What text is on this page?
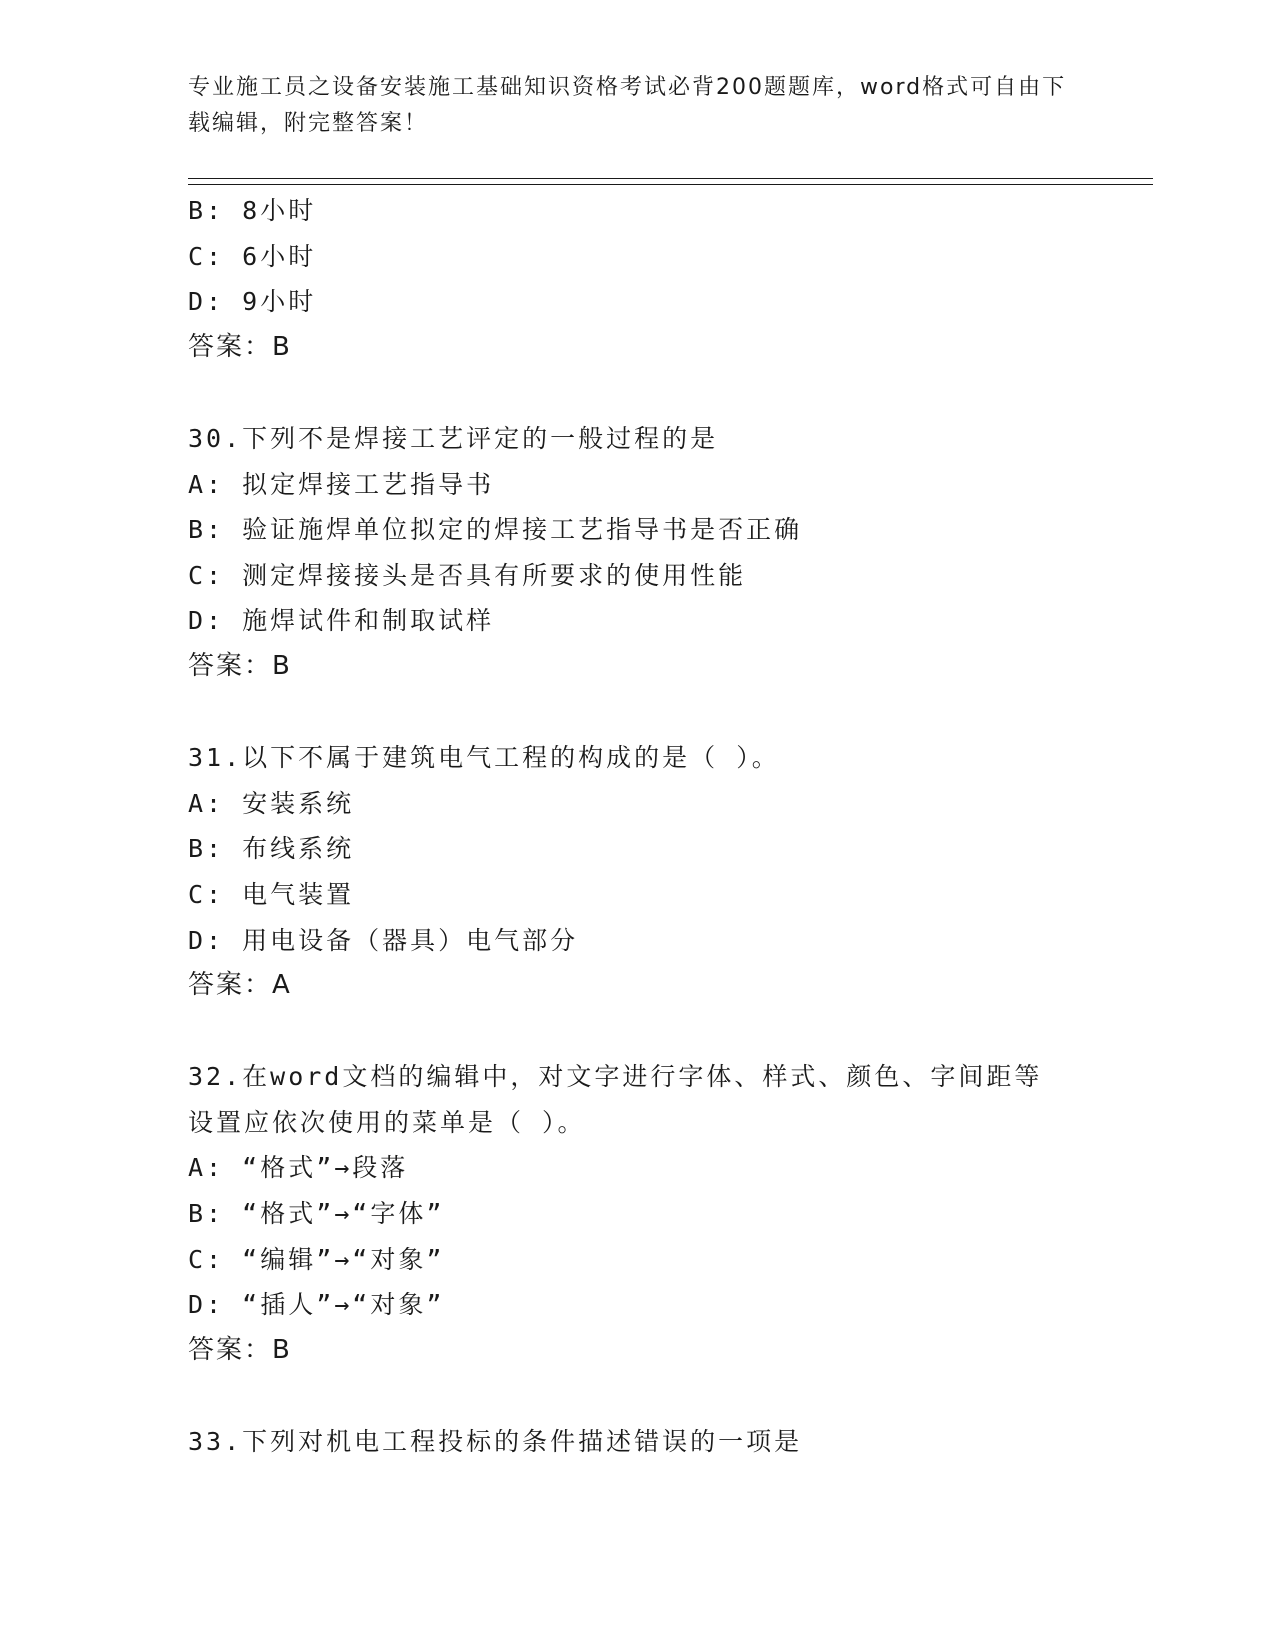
专业施工员之设备安装施工基础知识资格考试必背200题题库，word格式可自由下载编辑，附完整答案！
B: 8小时
C: 6小时
D: 9小时
答案：B
30.下列不是焊接工艺评定的一般过程的是
A: 拟定焊接工艺指导书
B: 验证施焊单位拟定的焊接工艺指导书是否正确
C: 测定焊接接头是否具有所要求的使用性能
D: 施焊试件和制取试样
答案：B
31.以下不属于建筑电气工程的构成的是（ ）。
A: 安装系统
B: 布线系统
C: 电气装置
D: 用电设备（器具）电气部分
答案：A
32.在word文档的编辑中，对文字进行字体、样式、颜色、字间距等
设置应依次使用的菜单是（ ）。
A: “格式”→段落
B: “格式”→“字体”
C: “编辑”→“对象”
D: “插人”→“对象”
答案：B
33.下列对机电工程投标的条件描述错误的一项是
